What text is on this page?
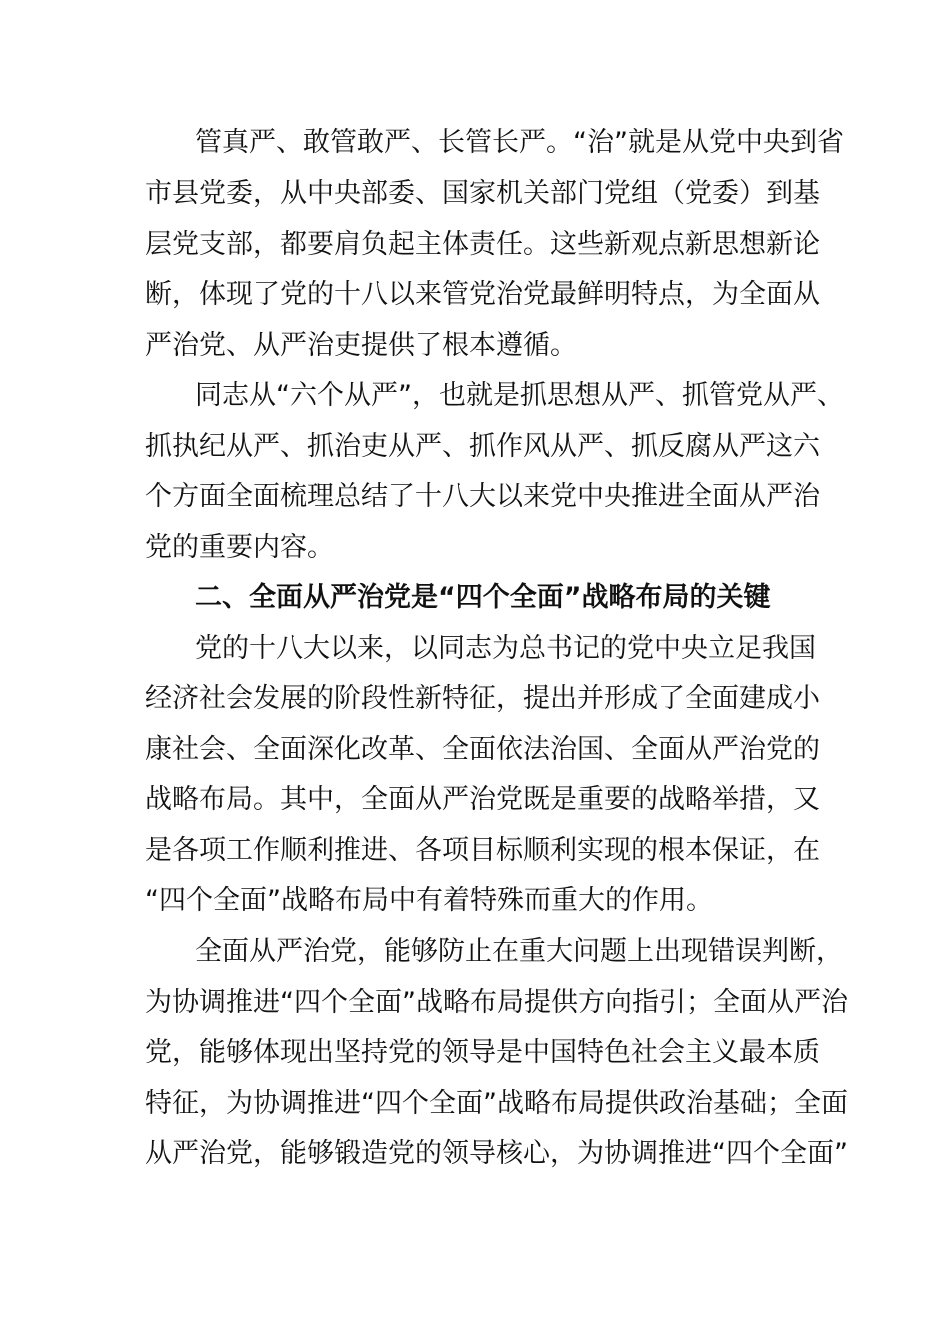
管真严、敢管敢严、长管长严。“治”就是从党中央到省
市县党委，从中央部委、国家机关部门党组（党委）到基
层党支部，都要肩负起主体责任。这些新观点新思想新论
断，体现了党的十八以来管党治党最鲜明特点，为全面从
严治党、从严治吏提供了根本遵循。
同志从“六个从严”，也就是抓思想从严、抓管党从严、
抓执纪从严、抓治吏从严、抓作风从严、抓反腐从严这六
个方面全面梳理总结了十八大以来党中央推进全面从严治
党的重要内容。
二、全面从严治党是“四个全面”战略布局的关键
党的十八大以来，以同志为总书记的党中央立足我国
经济社会发展的阶段性新特征，提出并形成了全面建成小
康社会、全面深化改革、全面依法治国、全面从严治党的
战略布局。其中，全面从严治党既是重要的战略举措，又
是各项工作顺利推进、各项目标顺利实现的根本保证，在
“四个全面”战略布局中有着特殊而重大的作用。
全面从严治党，能够防止在重大问题上出现错误判断，
为协调推进“四个全面”战略布局提供方向指引；全面从严治
党，能够体现出坚持党的领导是中国特色社会主义最本质
特征，为协调推进“四个全面”战略布局提供政治基础；全面
从严治党，能够锻造党的领导核心，为协调推进“四个全面”
